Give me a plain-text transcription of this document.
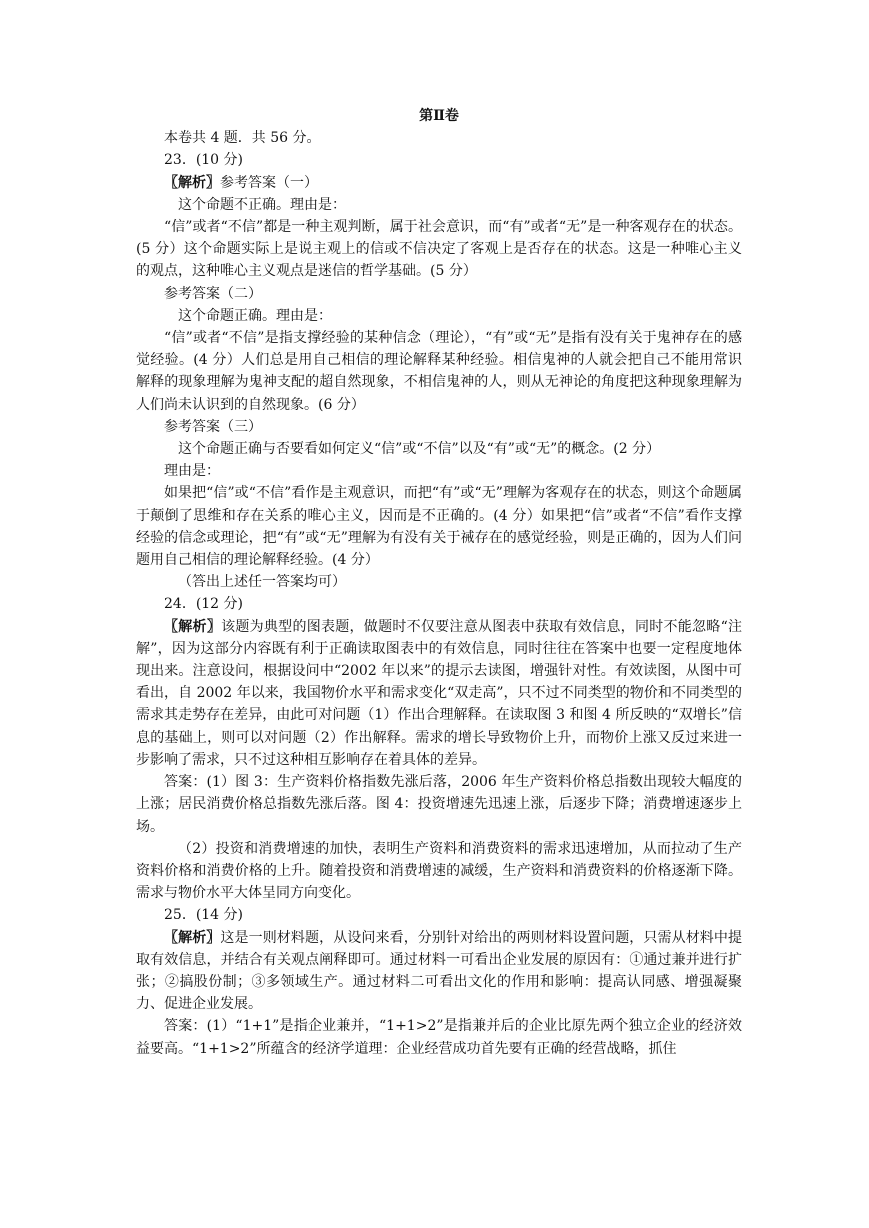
第Ⅱ卷

本卷共 4 题．共 56 分。

23．(10 分)

〖解析〗参考答案（一）

这个命题不正确。理由是：

“信”或者“不信”都是一种主观判断，属于社会意识，而“有”或者“无”是一种客观存在的状态。(5 分）这个命题实际上是说主观上的信或不信决定了客观上是否存在的状态。这是一种唯心主义的观点，这种唯心主义观点是迷信的哲学基础。(5 分）

参考答案（二）

这个命题正确。理由是：

“信”或者“不信”是指支撑经验的某种信念（理论），“有”或“无”是指有没有关于鬼神存在的感觉经验。(4 分）人们总是用自己相信的理论解释某种经验。相信鬼神的人就会把自己不能用常识解释的现象理解为鬼神支配的超自然现象，不相信鬼神的人，则从无神论的角度把这种现象理解为人们尚未认识到的自然现象。(6 分）

参考答案（三）

这个命题正确与否要看如何定义“信”或“不信”以及“有”或“无”的概念。(2 分）

理由是：

如果把“信”或“不信”看作是主观意识，而把“有”或“无”理解为客观存在的状态，则这个命题属于颠倒了思维和存在关系的唯心主义，因而是不正确的。(4 分）如果把“信”或者“不信”看作支撑经验的信念或理论，把“有”或“无”理解为有没有关于祴存在的感觉经验，则是正确的，因为人们问题用自己相信的理论解释经验。(4 分）

（答出上述任一答案均可）

24．(12 分)

〖解析〗该题为典型的图表题，做题时不仅要注意从图表中获取有效信息，同时不能忽略“注解”，因为这部分内容既有利于正确读取图表中的有效信息，同时往往在答案中也要一定程度地体现出来。注意设问，根据设问中“2002 年以来”的提示去读图，增强针对性。有效读图，从图中可看出，自 2002 年以来，我国物价水平和需求变化“双走高”，只不过不同类型的物价和不同类型的需求其走势存在差异，由此可对问题（1）作出合理解释。在读取图 3 和图 4 所反映的“双增长”信息的基础上，则可以对问题（2）作出解释。需求的增长导致物价上升，而物价上涨又反过来进一步影响了需求，只不过这种相互影响存在着具体的差异。

答案：(1）图 3：生产资料价格指数先涨后落，2006 年生产资料价格总指数出现较大幅度的上涨；居民消费价格总指数先涨后落。图 4：投资增速先迅速上涨，后逐步下降；消费增速逐步上场。

（2）投资和消费增速的加快，表明生产资料和消费资料的需求迅速增加，从而拉动了生产资料价格和消费价格的上升。随着投资和消费增速的减缓，生产资料和消费资料的价格逐渐下降。需求与物价水平大体呈同方向变化。

25．(14 分)

〖解析〗这是一则材料题，从设问来看，分别针对给出的两则材料设置问题，只需从材料中提取有效信息，并结合有关观点阐释即可。通过材料一可看出企业发展的原因有：①通过兼并进行扩张；②搞股份制；③多领域生产。通过材料二可看出文化的作用和影响：提高认同感、增强凝聚力、促进企业发展。

答案：(1）“1+1”是指企业兼并，“1+1>2”是指兼并后的企业比原先两个独立企业的经济效益要高。“1+1>2”所蕴含的经济学道理：企业经营成功首先要有正确的经营战略，抓住
